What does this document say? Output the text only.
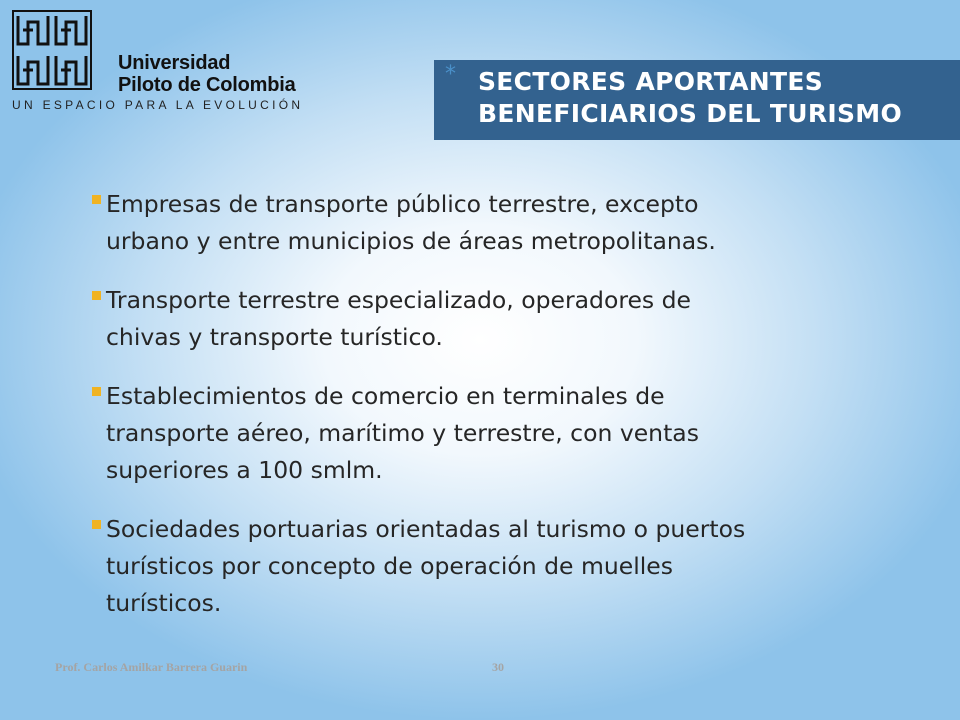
Universidad
Piloto de Colombia
UN ESPACIO PARA LA EVOLUCIÓN
* SECTORES APORTANTES
BENEFICIARIOS DEL TURISMO
Empresas de transporte público terrestre, excepto
urbano y entre municipios de áreas metropolitanas.
Transporte terrestre especializado, operadores de
chivas y transporte turístico.
Establecimientos de comercio en terminales de
transporte aéreo, marítimo y terrestre, con ventas
superiores a 100 smlm.
Sociedades portuarias orientadas al turismo o puertos
turísticos por concepto de operación de muelles
turísticos.
Prof. Carlos Amilkar Barrera Guarin	30
